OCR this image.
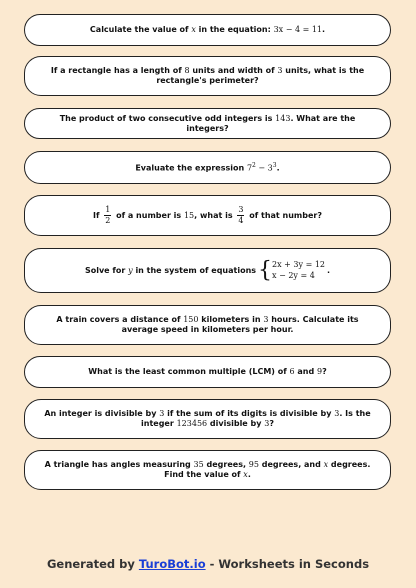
Calculate the value of x in the equation: 3x − 4 = 11.
If a rectangle has a length of 8 units and width of 3 units, what is the rectangle's perimeter?
The product of two consecutive odd integers is 143. What are the integers?
Evaluate the expression $7^2 - 3^3$.
If $\frac{1}{2}$ of a number is 15, what is $\frac{3}{4}$ of that number?
Solve for
y
in the system of equations { 2x + 3y = 12
x − 2y = 4
.
A train covers a distance of 150 kilometers in 3 hours. Calculate its average speed in kilometers per hour.
What is the least common multiple (LCM) of 6 and 9?
An integer is divisible by 3 if the sum of its digits is divisible by 3. Is the integer 123456 divisible by 3?
A triangle has angles measuring 35 degrees, 95 degrees, and x degrees. Find the value of x.
Generated by TuroBot.io - Worksheets in Seconds
